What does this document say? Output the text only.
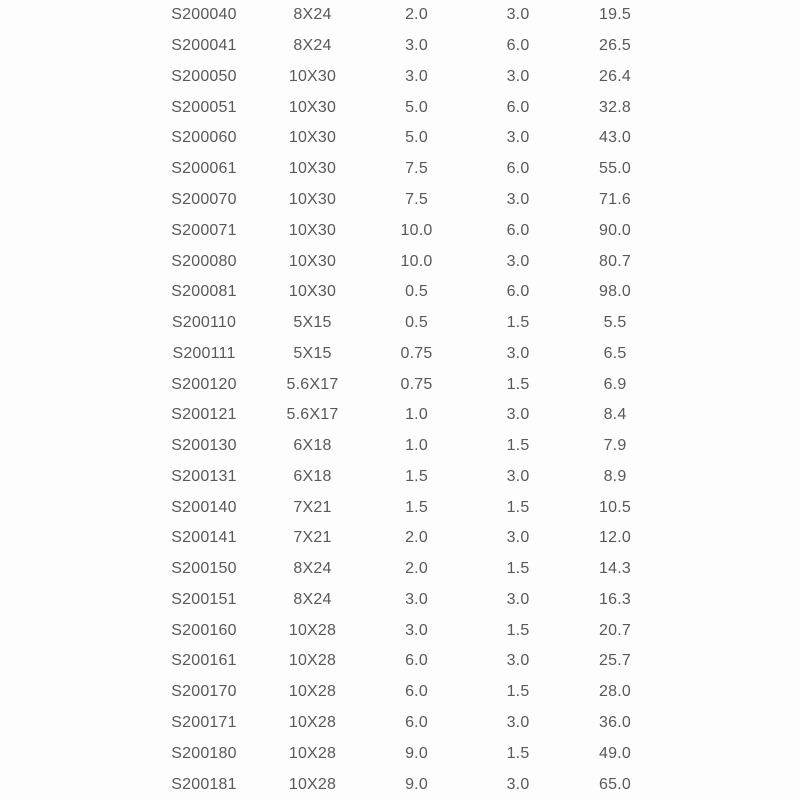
S200040	8X24	2.0	3.0	19.5
S200041	8X24	3.0	6.0	26.5
S200050	10X30	3.0	3.0	26.4
S200051	10X30	5.0	6.0	32.8
S200060	10X30	5.0	3.0	43.0
S200061	10X30	7.5	6.0	55.0
S200070	10X30	7.5	3.0	71.6
S200071	10X30	10.0	6.0	90.0
S200080	10X30	10.0	3.0	80.7
S200081	10X30	0.5	6.0	98.0
S200110	5X15	0.5	1.5	5.5
S200111	5X15	0.75	3.0	6.5
S200120	5.6X17	0.75	1.5	6.9
S200121	5.6X17	1.0	3.0	8.4
S200130	6X18	1.0	1.5	7.9
S200131	6X18	1.5	3.0	8.9
S200140	7X21	1.5	1.5	10.5
S200141	7X21	2.0	3.0	12.0
S200150	8X24	2.0	1.5	14.3
S200151	8X24	3.0	3.0	16.3
S200160	10X28	3.0	1.5	20.7
S200161	10X28	6.0	3.0	25.7
S200170	10X28	6.0	1.5	28.0
S200171	10X28	6.0	3.0	36.0
S200180	10X28	9.0	1.5	49.0
S200181	10X28	9.0	3.0	65.0
